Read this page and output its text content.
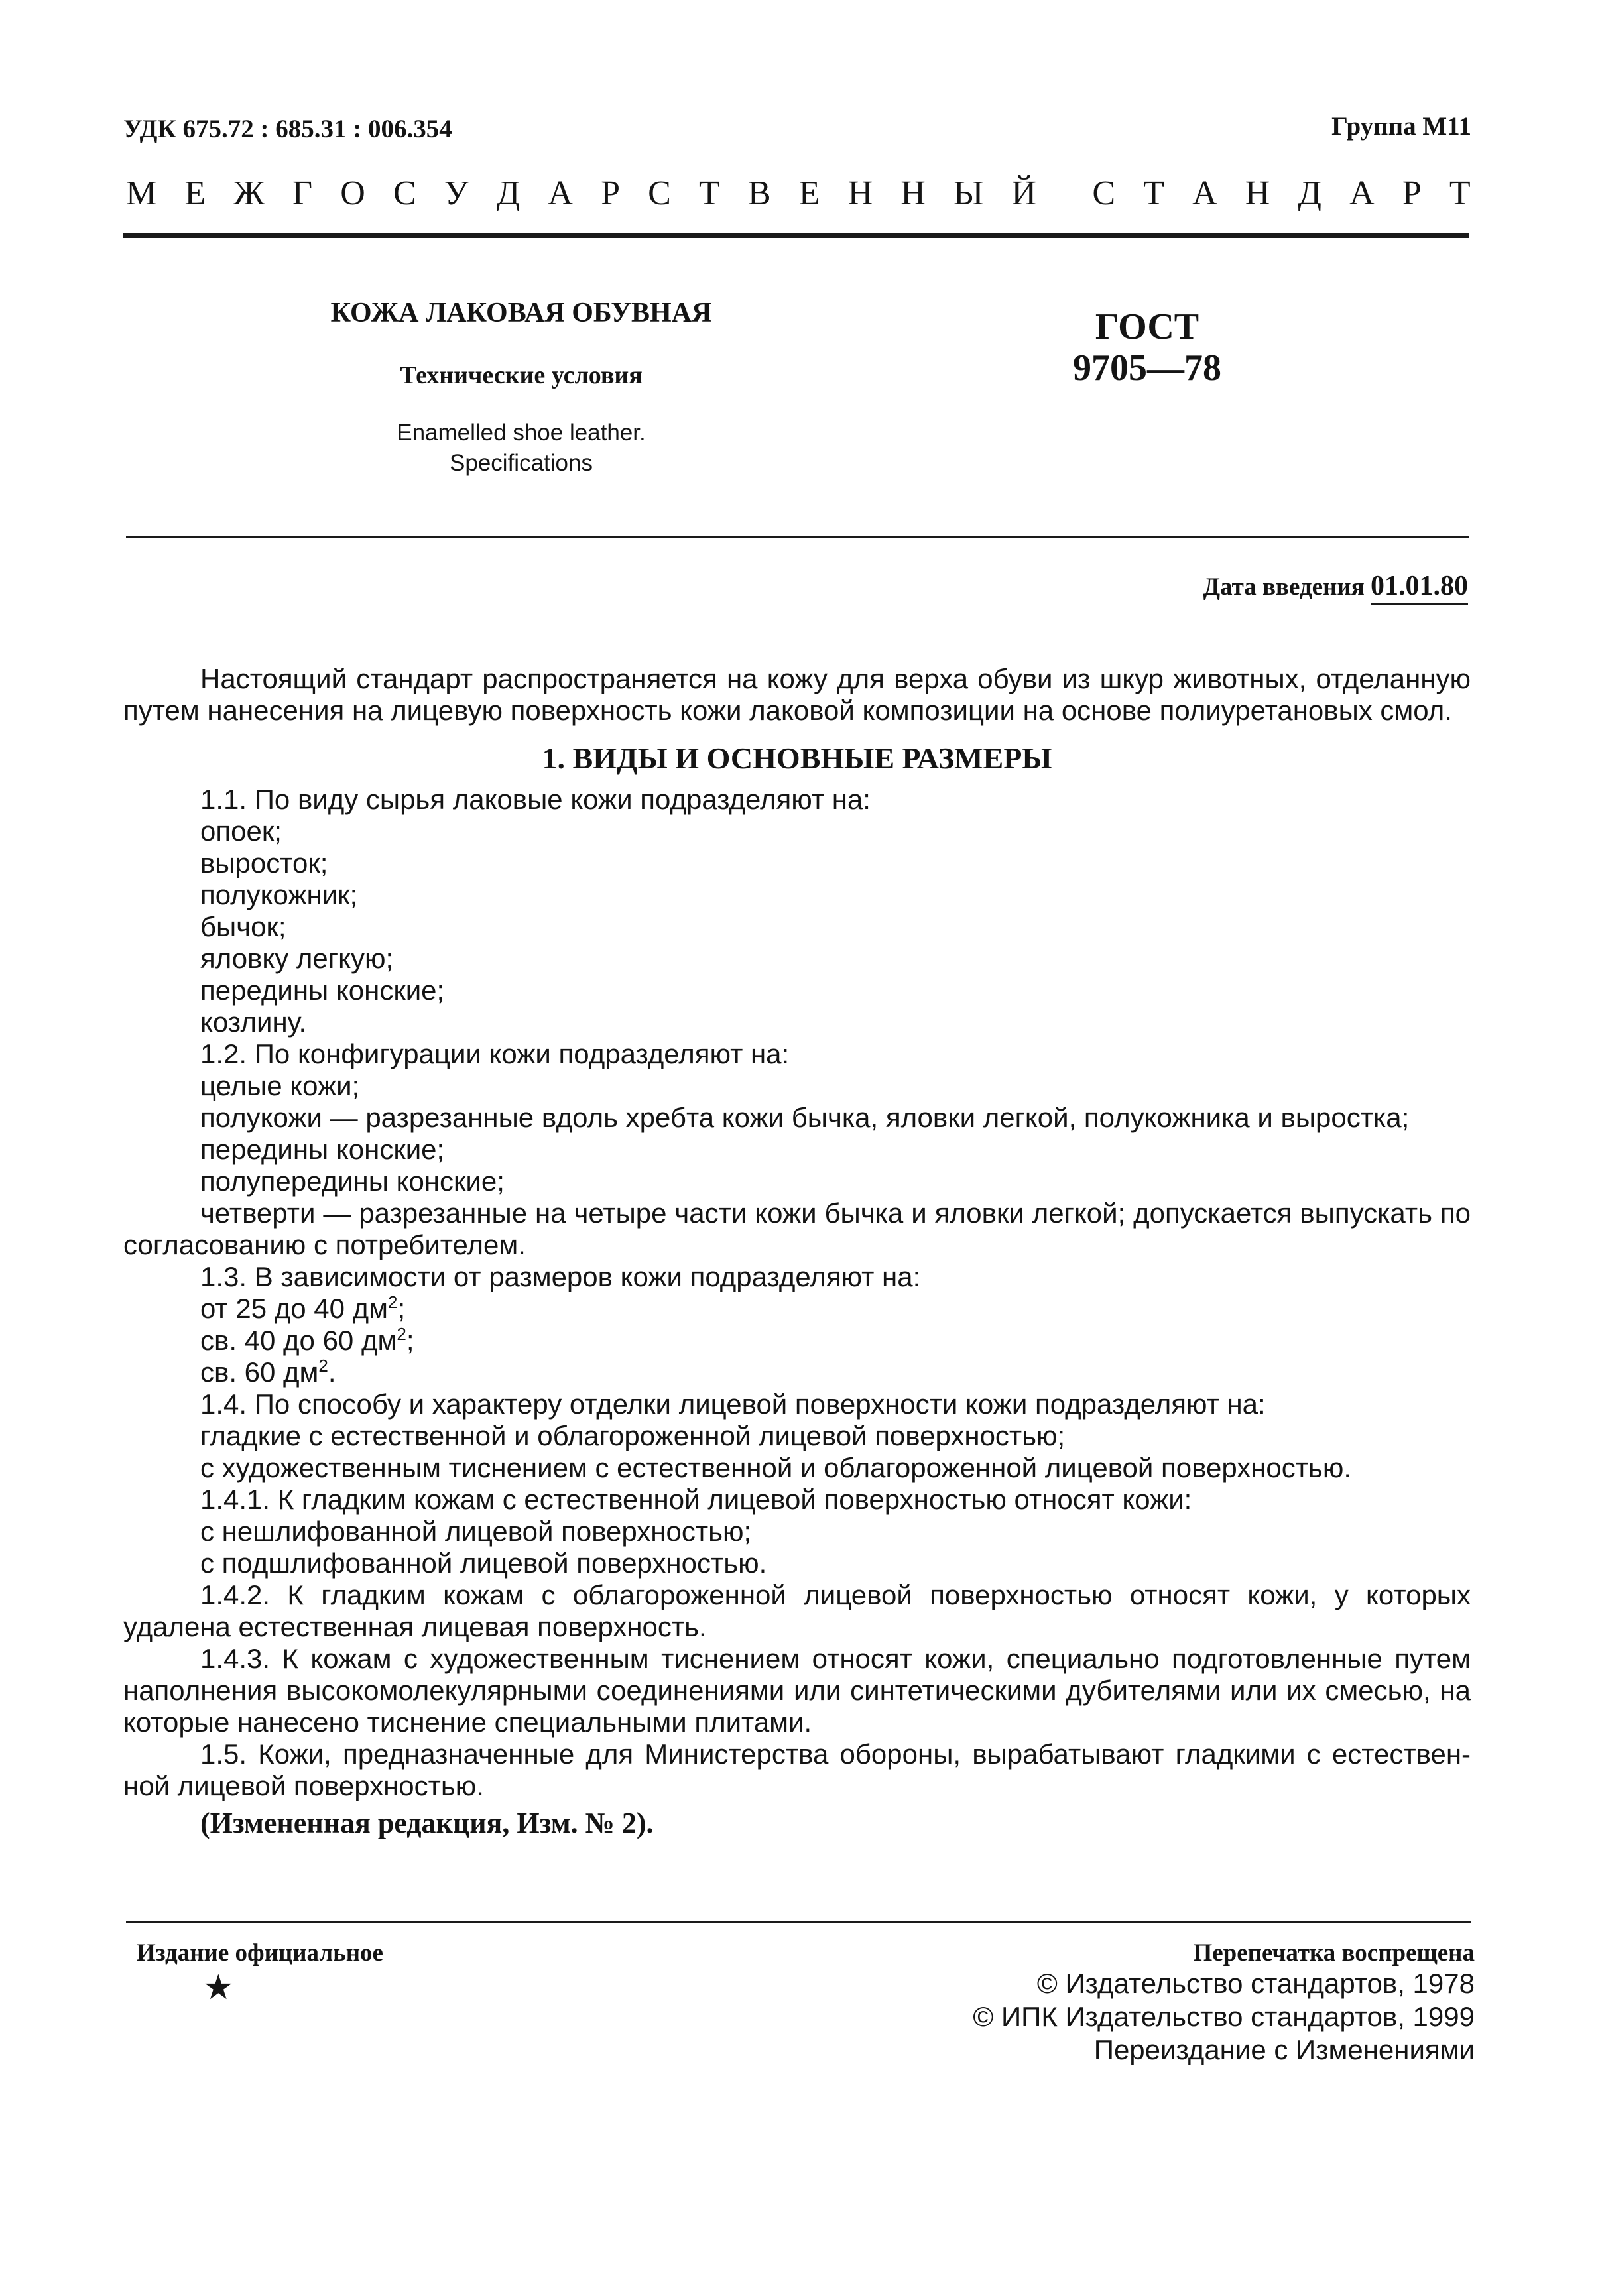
УДК 675.72 : 685.31 : 006.354	Группа М11
М Е Ж Г О С У Д А Р С Т В Е Н Н Ы Й С Т А Н Д А Р Т
КОЖА ЛАКОВАЯ ОБУВНАЯ
Технические условия
Enamelled shoe leather.
Specifications
ГОСТ
9705—78
Дата введения 01.01.80

Настоящий стандарт распространяется на кожу для верха обуви из шкур животных, отделанную путем нанесения на лицевую поверхность кожи лаковой композиции на основе полиуретановых смол.

1. ВИДЫ И ОСНОВНЫЕ РАЗМЕРЫ
1.1. По виду сырья лаковые кожи подразделяют на:
опоек;
выросток;
полукожник;
бычок;
яловку легкую;
передины конские;
козлину.
1.2. По конфигурации кожи подразделяют на:
целые кожи;
полукожи — разрезанные вдоль хребта кожи бычка, яловки легкой, полукожника и выростка;
передины конские;
полупередины конские;

четверти — разрезанные на четыре части кожи бычка и яловки легкой; допускается выпускать по согласованию с потребителем.

1.3. В зависимости от размеров кожи подразделяют на:
от 25 до 40 $дм^2$;
св. 40 до 60 $дм^2$;
св. 60 $дм^2$.
1.4. По способу и характеру отделки лицевой поверхности кожи подразделяют на:
гладкие с естественной и облагороженной лицевой поверхностью;
с художественным тиснением с естественной и облагороженной лицевой поверхностью.
1.4.1. К гладким кожам с естественной лицевой поверхностью относят кожи:
с нешлифованной лицевой поверхностью;
с подшлифованной лицевой поверхностью.

1.4.2. К гладким кожам с облагороженной лицевой поверхностью относят кожи, у которых удалена естественная лицевая поверхность.

1.4.3. К кожам с художественным тиснением относят кожи, специально подготовленные путем наполнения высокомолекулярными соединениями или синтетическими дубителями или их смесью, на которые нанесено тиснение специальными плитами.

1.5. Кожи, предназначенные для Министерства обороны, вырабатывают гладкими с естествен-ной лицевой поверхностью.

(Измененная редакция, Изм. № 2).
Издание официальное
★
Перепечатка воспрещена
© Издательство стандартов, 1978
© ИПК Издательство стандартов, 1999
Переиздание с Изменениями
